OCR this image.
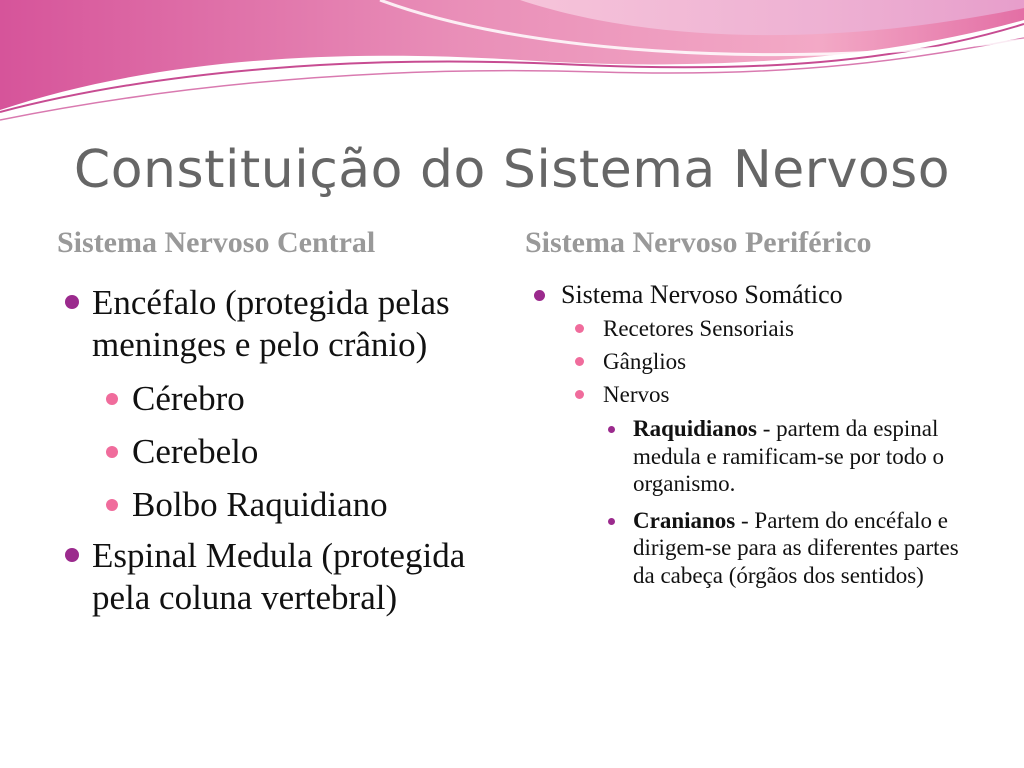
Constituição do Sistema Nervoso
Sistema Nervoso Central	Sistema Nervoso Periférico
Encéfalo (protegida pelas meninges e pelo crânio)
Cérebro
Cerebelo
Bolbo Raquidiano
Espinal Medula (protegida pela coluna vertebral)
Sistema Nervoso Somático
Recetores Sensoriais
Gânglios
Nervos
Raquidianos - partem da espinal medula e ramificam-se por todo o organismo.
Cranianos - Partem do encéfalo e dirigem-se para as diferentes partes da cabeça (órgãos dos sentidos)
